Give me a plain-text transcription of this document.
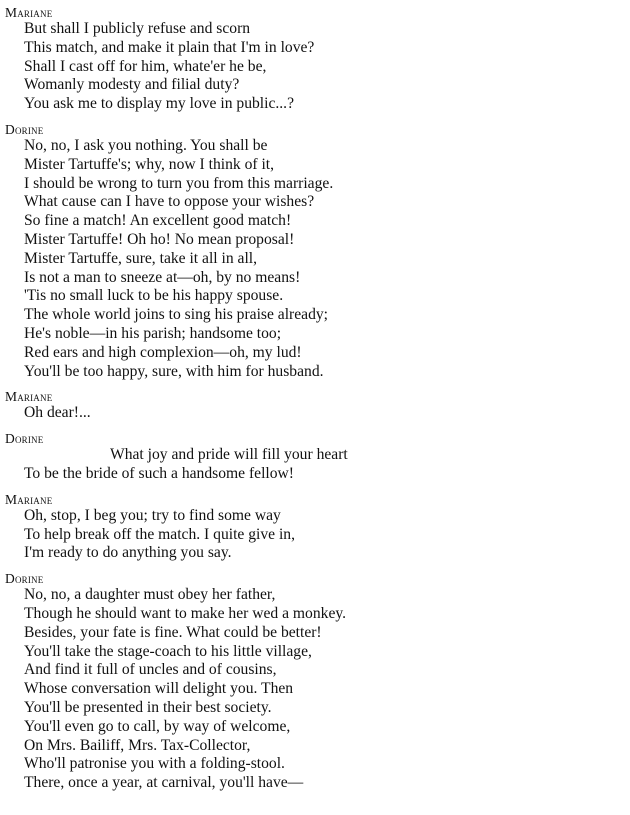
Mariane
But shall I publicly refuse and scorn
This match, and make it plain that I'm in love?
Shall I cast off for him, whate'er he be,
Womanly modesty and filial duty?
You ask me to display my love in public...?
Dorine
No, no, I ask you nothing. You shall be
Mister Tartuffe's; why, now I think of it,
I should be wrong to turn you from this marriage.
What cause can I have to oppose your wishes?
So fine a match! An excellent good match!
Mister Tartuffe! Oh ho! No mean proposal!
Mister Tartuffe, sure, take it all in all,
Is not a man to sneeze at—oh, by no means!
'Tis no small luck to be his happy spouse.
The whole world joins to sing his praise already;
He's noble—in his parish; handsome too;
Red ears and high complexion—oh, my lud!
You'll be too happy, sure, with him for husband.
Mariane
Oh dear!...
Dorine
What joy and pride will fill your heart
To be the bride of such a handsome fellow!
Mariane
Oh, stop, I beg you; try to find some way
To help break off the match. I quite give in,
I'm ready to do anything you say.
Dorine
No, no, a daughter must obey her father,
Though he should want to make her wed a monkey.
Besides, your fate is fine. What could be better!
You'll take the stage-coach to his little village,
And find it full of uncles and of cousins,
Whose conversation will delight you. Then
You'll be presented in their best society.
You'll even go to call, by way of welcome,
On Mrs. Bailiff, Mrs. Tax-Collector,
Who'll patronise you with a folding-stool.
There, once a year, at carnival, you'll have—
